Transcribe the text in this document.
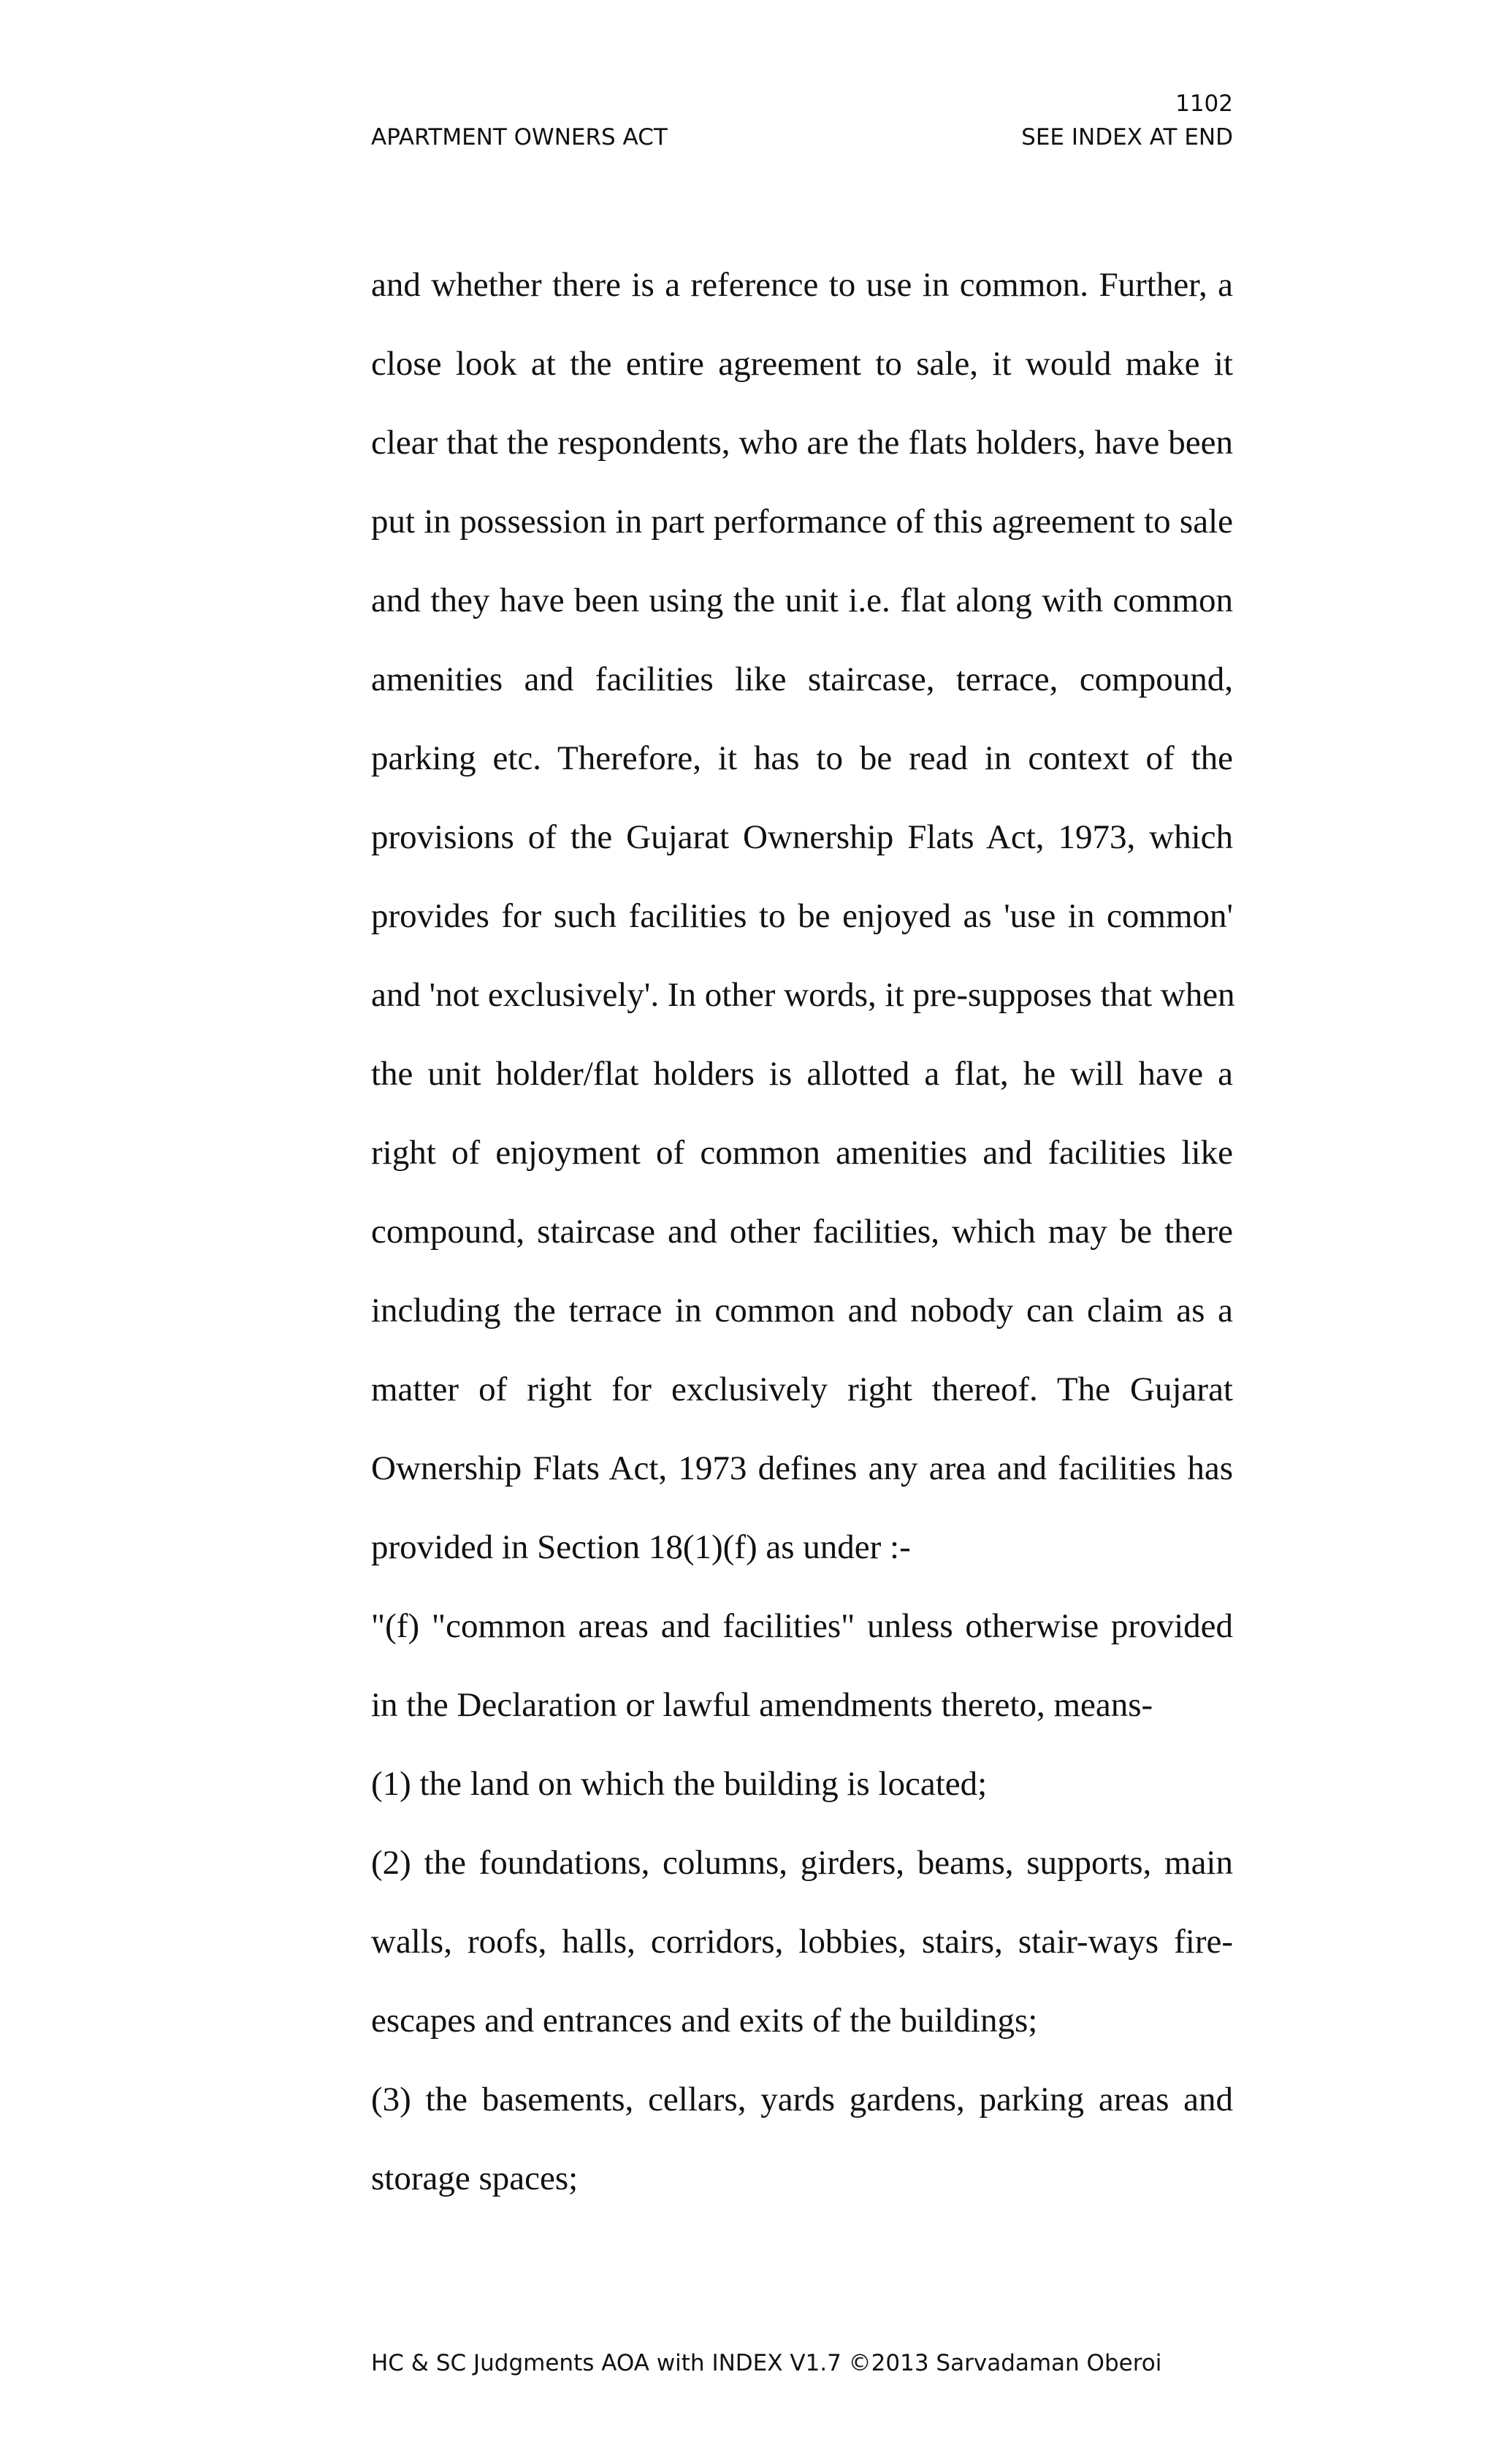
1102
APARTMENT OWNERS ACT	SEE INDEX AT END
and whether there is a reference to use in common. Further, a
close look at the entire agreement to sale, it would make it
clear that the respondents, who are the flats holders, have been
put in possession in part performance of this agreement to sale
and they have been using the unit i.e. flat along with common
amenities and facilities like staircase, terrace, compound,
parking etc. Therefore, it has to be read in context of the
provisions of the Gujarat Ownership Flats Act, 1973, which
provides for such facilities to be enjoyed as 'use in common'
and 'not exclusively'. In other words, it pre-supposes that when
the unit holder/flat holders is allotted a flat, he will have a
right of enjoyment of common amenities and facilities like
compound, staircase and other facilities, which may be there
including the terrace in common and nobody can claim as a
matter of right for exclusively right thereof. The Gujarat
Ownership Flats Act, 1973 defines any area and facilities has
provided in Section 18(1)(f) as under :-
"(f) "common areas and facilities" unless otherwise provided
in the Declaration or lawful amendments thereto, means-
(1) the land on which the building is located;
(2) the foundations, columns, girders, beams, supports, main
walls, roofs, halls, corridors, lobbies, stairs, stair-ways fire-
escapes and entrances and exits of the buildings;
(3) the basements, cellars, yards gardens, parking areas and
storage spaces;
HC & SC Judgments AOA with INDEX V1.7 ©2013 Sarvadaman Oberoi
